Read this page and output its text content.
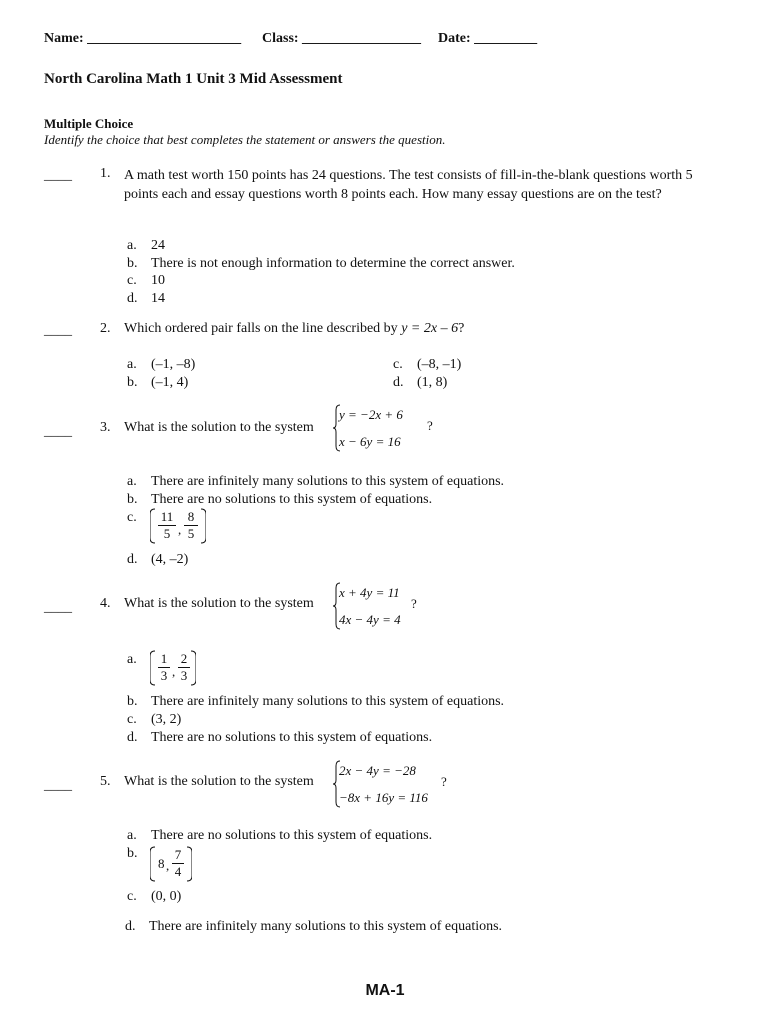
Name: ______________________ Class: _________________ Date: _________
North Carolina Math 1 Unit 3 Mid Assessment
Multiple Choice
Identify the choice that best completes the statement or answers the question.
____ 1. A math test worth 150 points has 24 questions. The test consists of fill-in-the-blank questions worth 5 points each and essay questions worth 8 points each. How many essay questions are on the test?
a. 24
b. There is not enough information to determine the correct answer.
c. 10
d. 14
____ 2. Which ordered pair falls on the line described by y = 2x – 6?
a. (–1, –8)
b. (–1, 4)
c. (–8, –1)
d. (1, 8)
____ 3. What is the solution to the system
y = −2x + 6
x − 6y = 16
?
a. There are infinitely many solutions to this system of equations.
b. There are no solutions to this system of equations.
c.	11
5 ,
8
5
d. (4, –2)
____ 4. What is the solution to the system
x + 4y = 11
4x − 4y = 4
?
a.	1
3 ,
2
3
b. There are infinitely many solutions to this system of equations.
c. (3, 2)
d. There are no solutions to this system of equations.
____ 5. What is the solution to the system
2x − 4y = −28
−8x + 16y = 116
?
a. There are no solutions to this system of equations.
b.
8 ,
7
4
c. (0, 0)
d. There are infinitely many solutions to this system of equations.
MA-1
